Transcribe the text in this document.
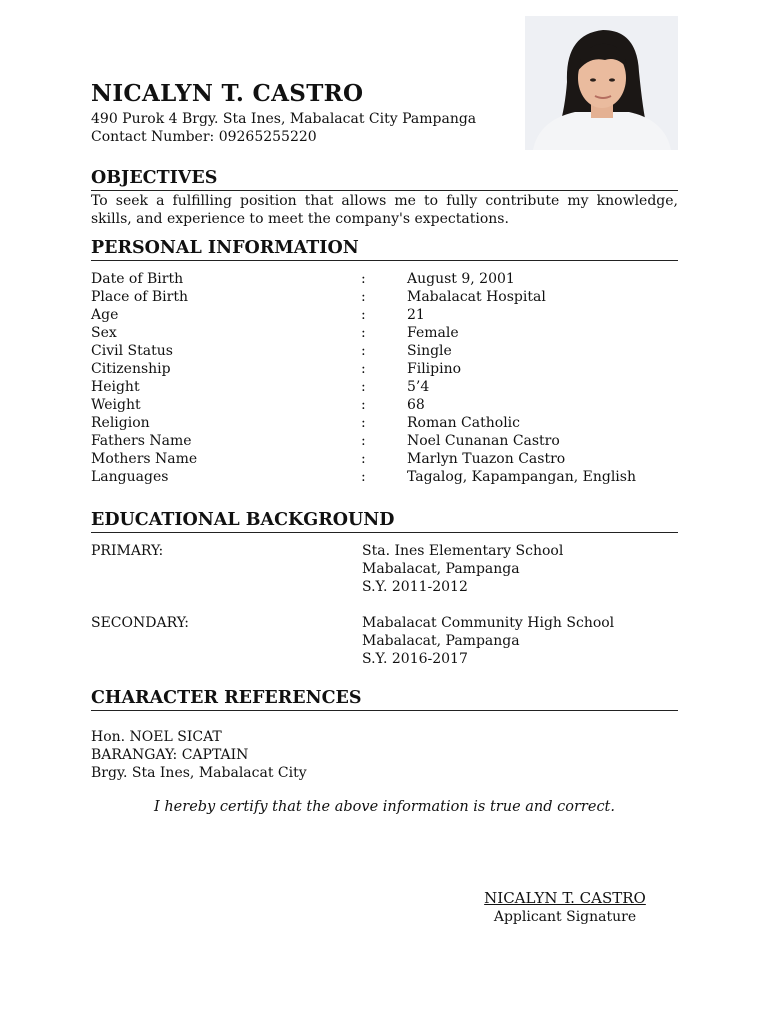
NICALYN T. CASTRO
490 Purok 4 Brgy. Sta Ines, Mabalacat City Pampanga
Contact Number: 09265255220
OBJECTIVES

To seek a fulfilling position that allows me to fully contribute my knowledge, skills, and experience to meet the company's expectations.

PERSONAL INFORMATION
Date of Birth	:	August 9, 2001
Place of Birth	:	Mabalacat Hospital
Age	:	21
Sex	:	Female
Civil Status	:	Single
Citizenship	:	Filipino
Height	:	5’4
Weight	:	68
Religion	:	Roman Catholic
Fathers Name	:	Noel Cunanan Castro
Mothers Name	:	Marlyn Tuazon Castro
Languages	:	Tagalog, Kapampangan, English
EDUCATIONAL BACKGROUND
PRIMARY:	Sta. Ines Elementary School
Mabalacat, Pampanga
S.Y. 2011-2012
SECONDARY:	Mabalacat Community High School
Mabalacat, Pampanga
S.Y. 2016-2017
CHARACTER REFERENCES
Hon. NOEL SICAT
BARANGAY: CAPTAIN
Brgy. Sta Ines, Mabalacat City

I hereby certify that the above information is true and correct.

NICALYN T. CASTRO
Applicant Signature
